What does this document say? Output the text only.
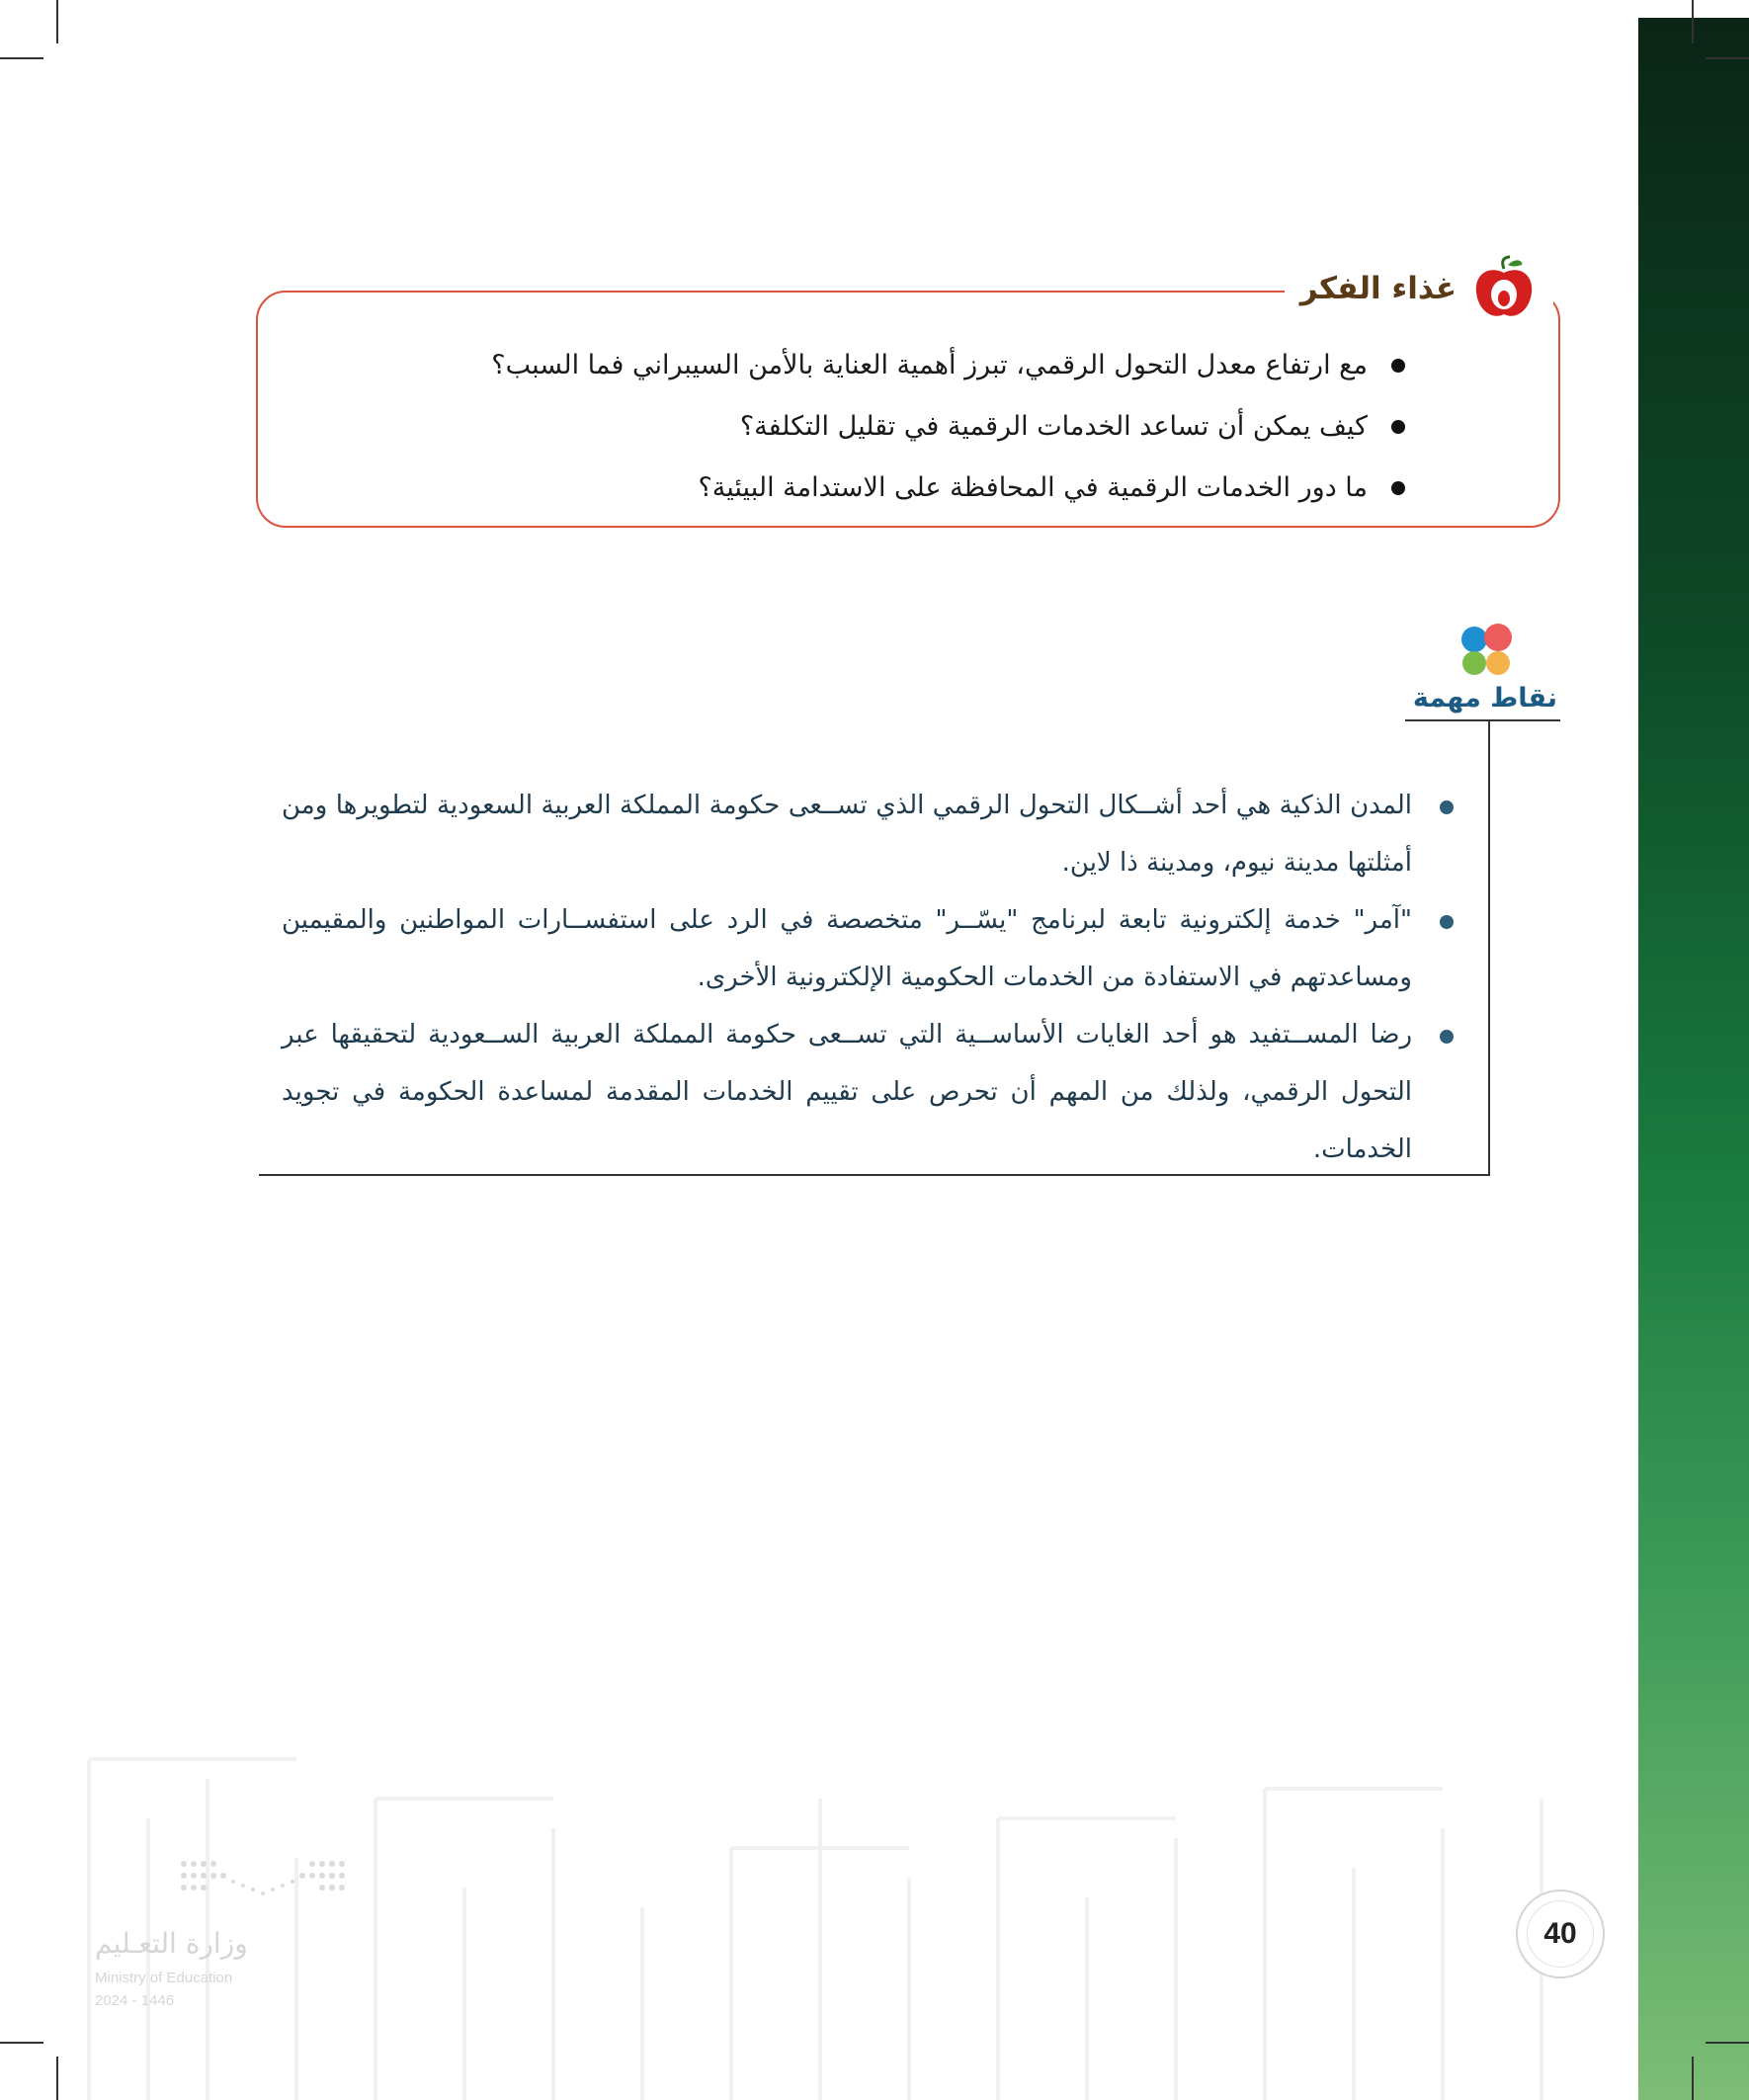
غذاء الفكر
مع ارتفاع معدل التحول الرقمي، تبرز أهمية العناية بالأمن السيبراني فما السبب؟
كيف يمكن أن تساعد الخدمات الرقمية في تقليل التكلفة؟
ما دور الخدمات الرقمية في المحافظة على الاستدامة البيئية؟
نقاط مهمة
المدن الذكية هي أحد أشــكال التحول الرقمي الذي تســعى حكومة المملكة العربية السعودية لتطويرها ومن أمثلتها مدينة نيوم، ومدينة ذا لاين.
"آمر" خدمة إلكترونية تابعة لبرنامج "يسّــر" متخصصة في الرد على استفســارات المواطنين والمقيمين ومساعدتهم في الاستفادة من الخدمات الحكومية الإلكترونية الأخرى.
رضا المســتفيد هو أحد الغايات الأساســية التي تســعى حكومة المملكة العربية الســعودية لتحقيقها عبر التحول الرقمي، ولذلك من المهم أن تحرص على تقييم الخدمات المقدمة لمساعدة الحكومة في تجويد الخدمات.
وزارة التعـليم
Ministry of Education
2024 - 1446
40
